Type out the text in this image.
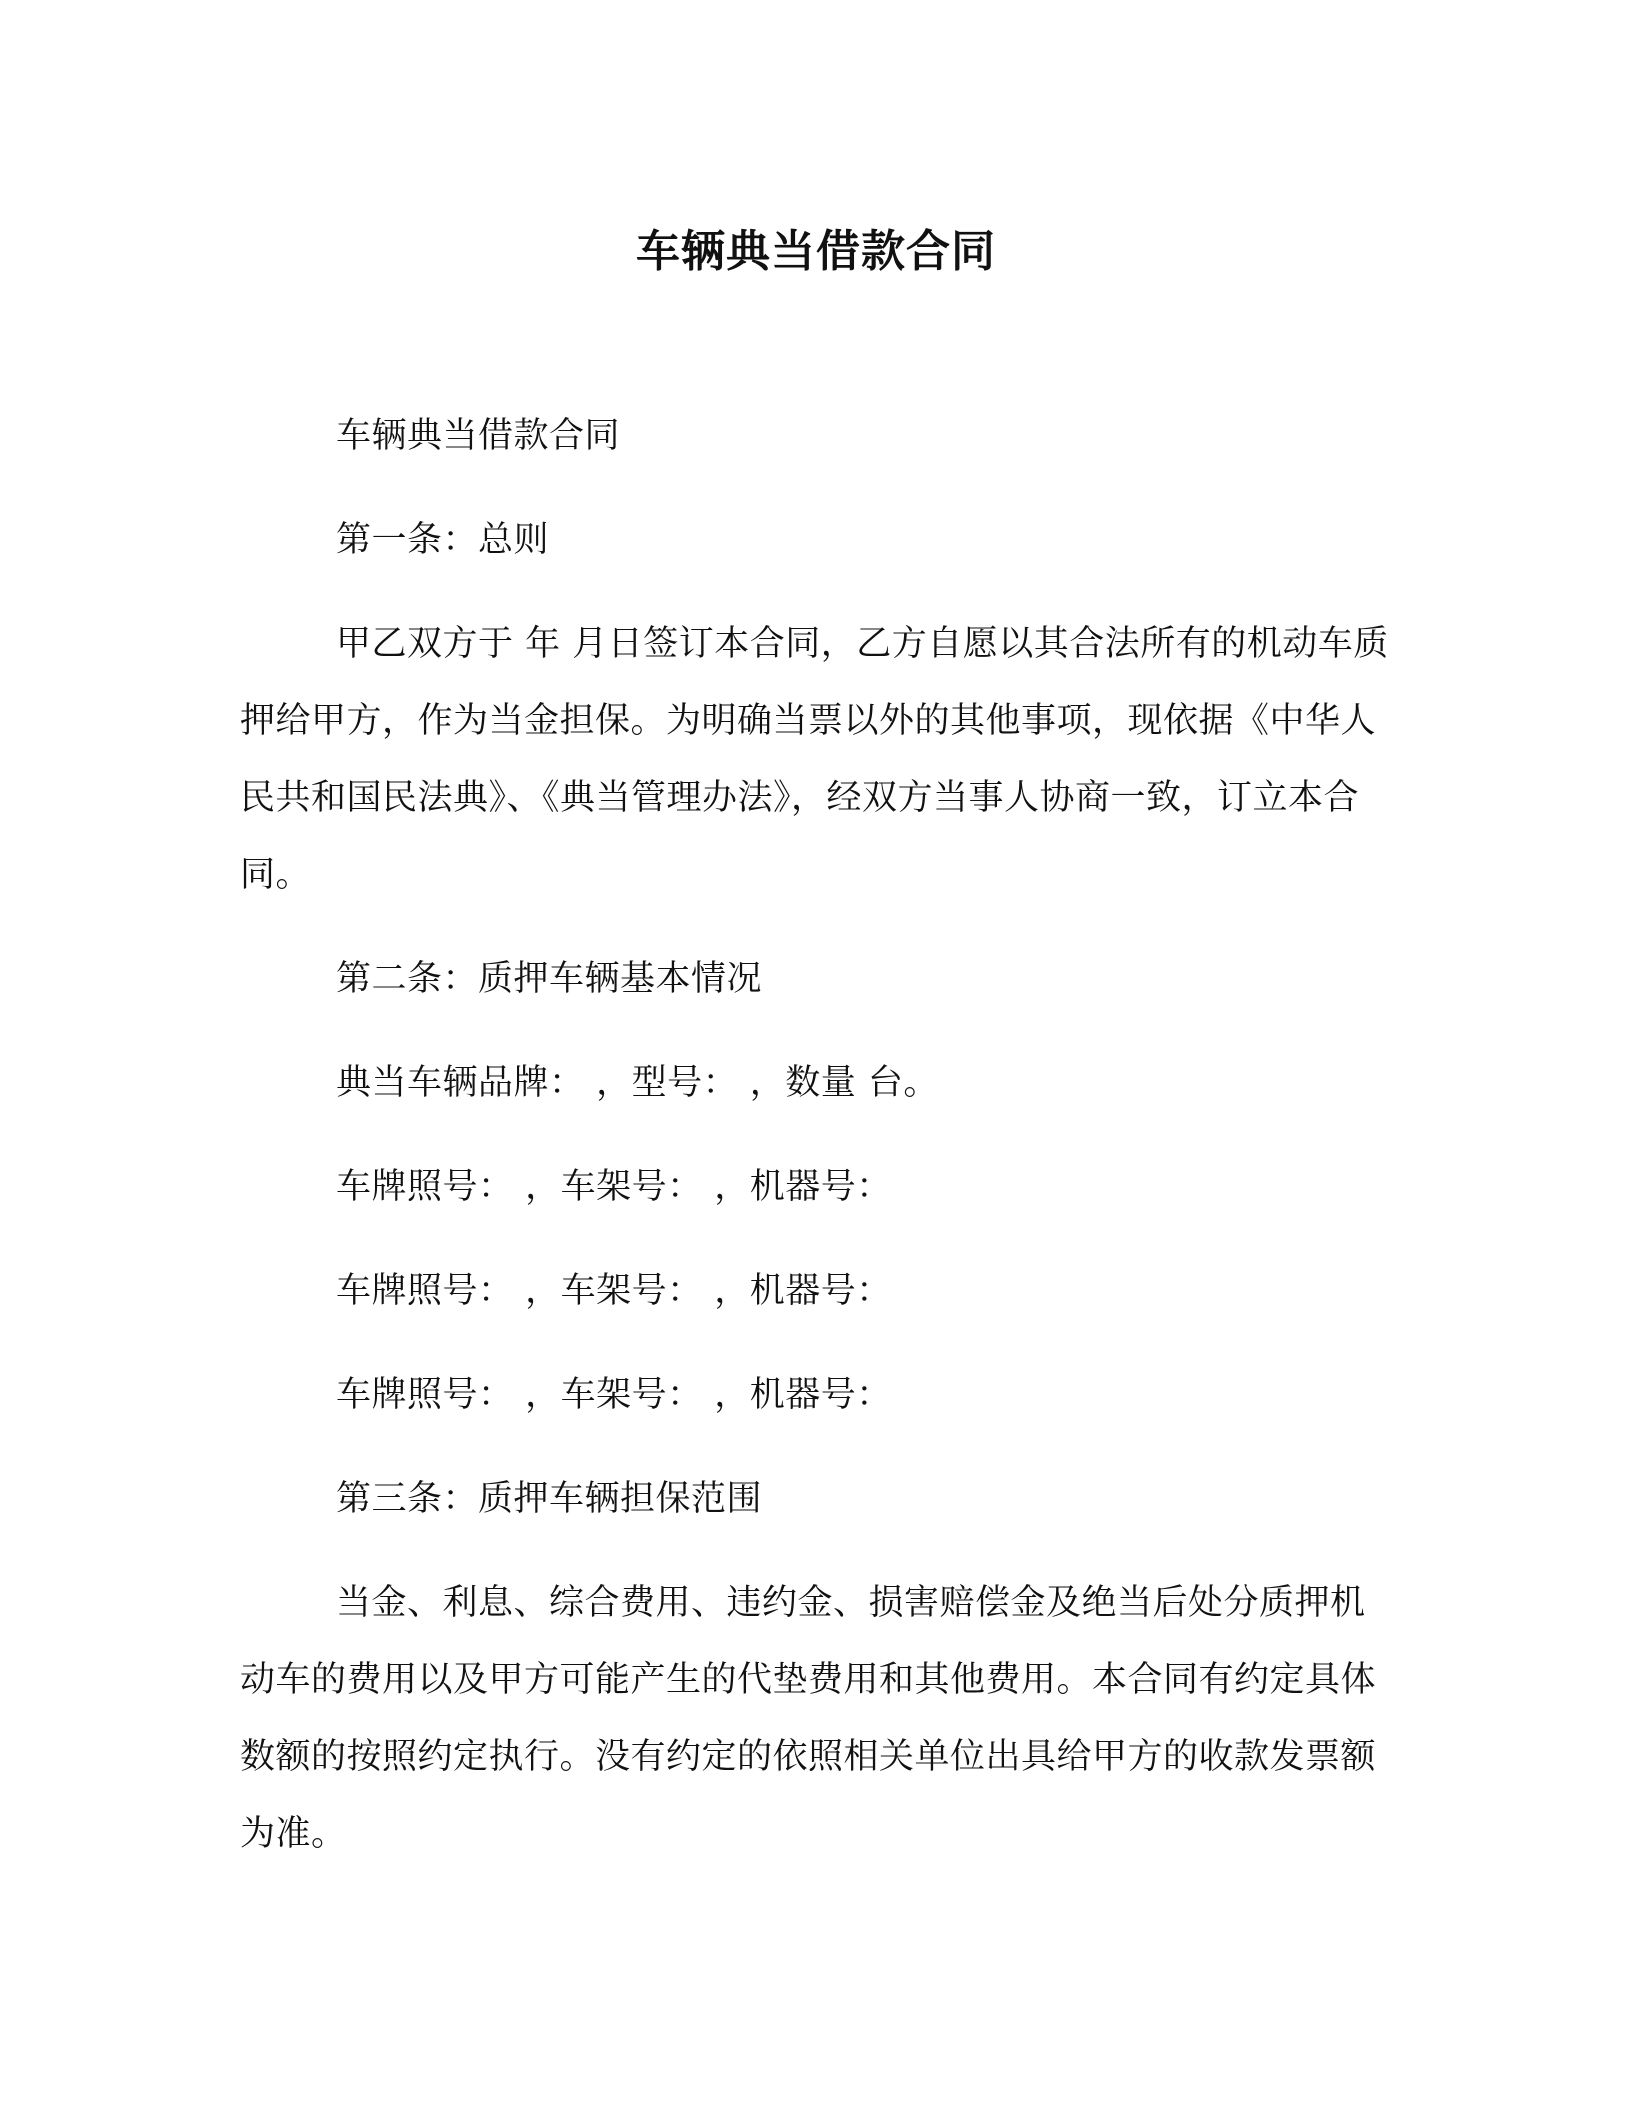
车辆典当借款合同

车辆典当借款合同

第一条：总则

甲乙双方于 年 月日签订本合同，乙方自愿以其合法所有的机动车质押给甲方，作为当金担保。为明确当票以外的其他事项，现依据《中华人民共和国民法典》、《典当管理办法》，经双方当事人协商一致，订立本合同。

第二条：质押车辆基本情况

典当车辆品牌： ，型号： ，数量 台。

车牌照号： ，车架号： ，机器号：

车牌照号： ，车架号： ，机器号：

车牌照号： ，车架号： ，机器号：

第三条：质押车辆担保范围

当金、利息、综合费用、违约金、损害赔偿金及绝当后处分质押机动车的费用以及甲方可能产生的代垫费用和其他费用。本合同有约定具体数额的按照约定执行。没有约定的依照相关单位出具给甲方的收款发票额为准。
